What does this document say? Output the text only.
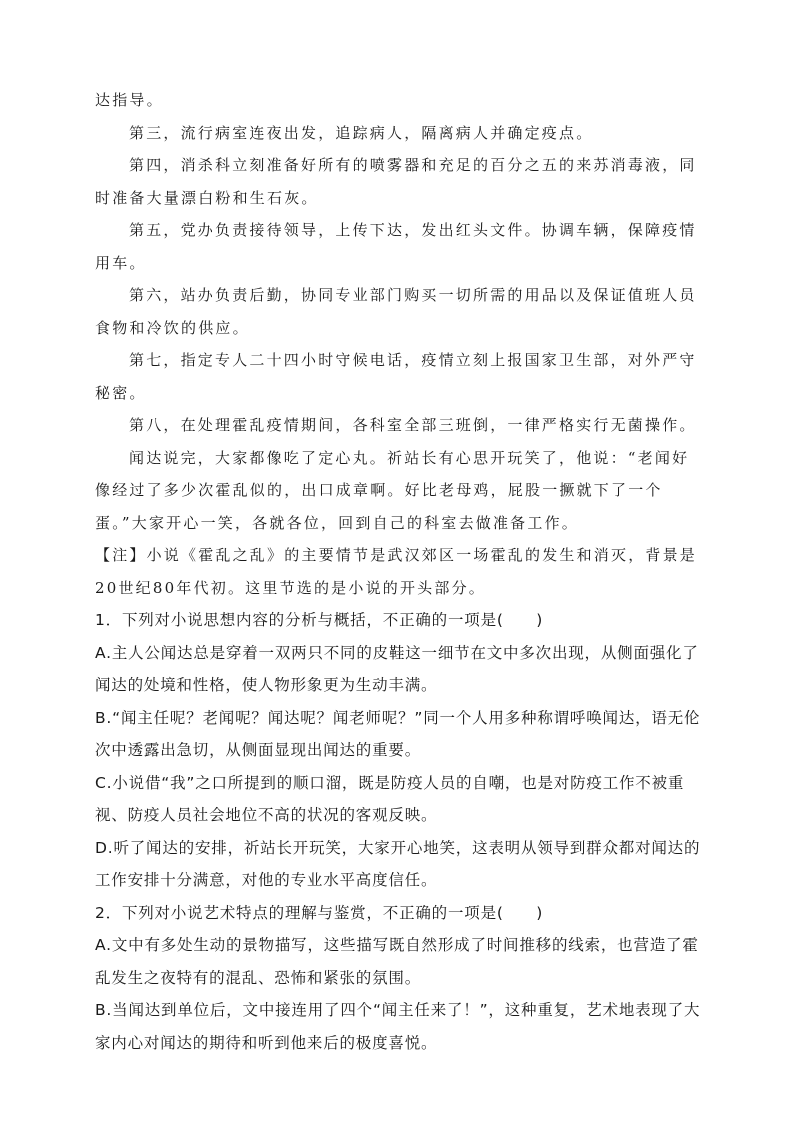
达指导。

第三，流行病室连夜出发，追踪病人，隔离病人并确定疫点。

第四，消杀科立刻准备好所有的喷雾器和充足的百分之五的来苏消毒液，同时准备大量漂白粉和生石灰。

第五，党办负责接待领导，上传下达，发出红头文件。协调车辆，保障疫情用车。

第六，站办负责后勤，协同专业部门购买一切所需的用品以及保证值班人员食物和冷饮的供应。

第七，指定专人二十四小时守候电话，疫情立刻上报国家卫生部，对外严守秘密。

第八，在处理霍乱疫情期间，各科室全部三班倒，一律严格实行无菌操作。

闻达说完，大家都像吃了定心丸。祈站长有心思开玩笑了，他说：“老闻好像经过了多少次霍乱似的，出口成章啊。好比老母鸡，屁股一撅就下了一个蛋。”大家开心一笑，各就各位，回到自己的科室去做准备工作。

【注】小说《霍乱之乱》的主要情节是武汉郊区一场霍乱的发生和消灭，背景是20世纪80年代初。这里节选的是小说的开头部分。

1．下列对小说思想内容的分析与概括，不正确的一项是(　　)

A.主人公闻达总是穿着一双两只不同的皮鞋这一细节在文中多次出现，从侧面强化了闻达的处境和性格，使人物形象更为生动丰满。

B.“闻主任呢？老闻呢？闻达呢？闻老师呢？”同一个人用多种称谓呼唤闻达，语无伦次中透露出急切，从侧面显现出闻达的重要。

C.小说借“我”之口所提到的顺口溜，既是防疫人员的自嘲，也是对防疫工作不被重视、防疫人员社会地位不高的状况的客观反映。

D.听了闻达的安排，祈站长开玩笑，大家开心地笑，这表明从领导到群众都对闻达的工作安排十分满意，对他的专业水平高度信任。

2．下列对小说艺术特点的理解与鉴赏，不正确的一项是(　　)

A.文中有多处生动的景物描写，这些描写既自然形成了时间推移的线索，也营造了霍乱发生之夜特有的混乱、恐怖和紧张的氛围。

B.当闻达到单位后，文中接连用了四个“闻主任来了！”，这种重复，艺术地表现了大家内心对闻达的期待和听到他来后的极度喜悦。
